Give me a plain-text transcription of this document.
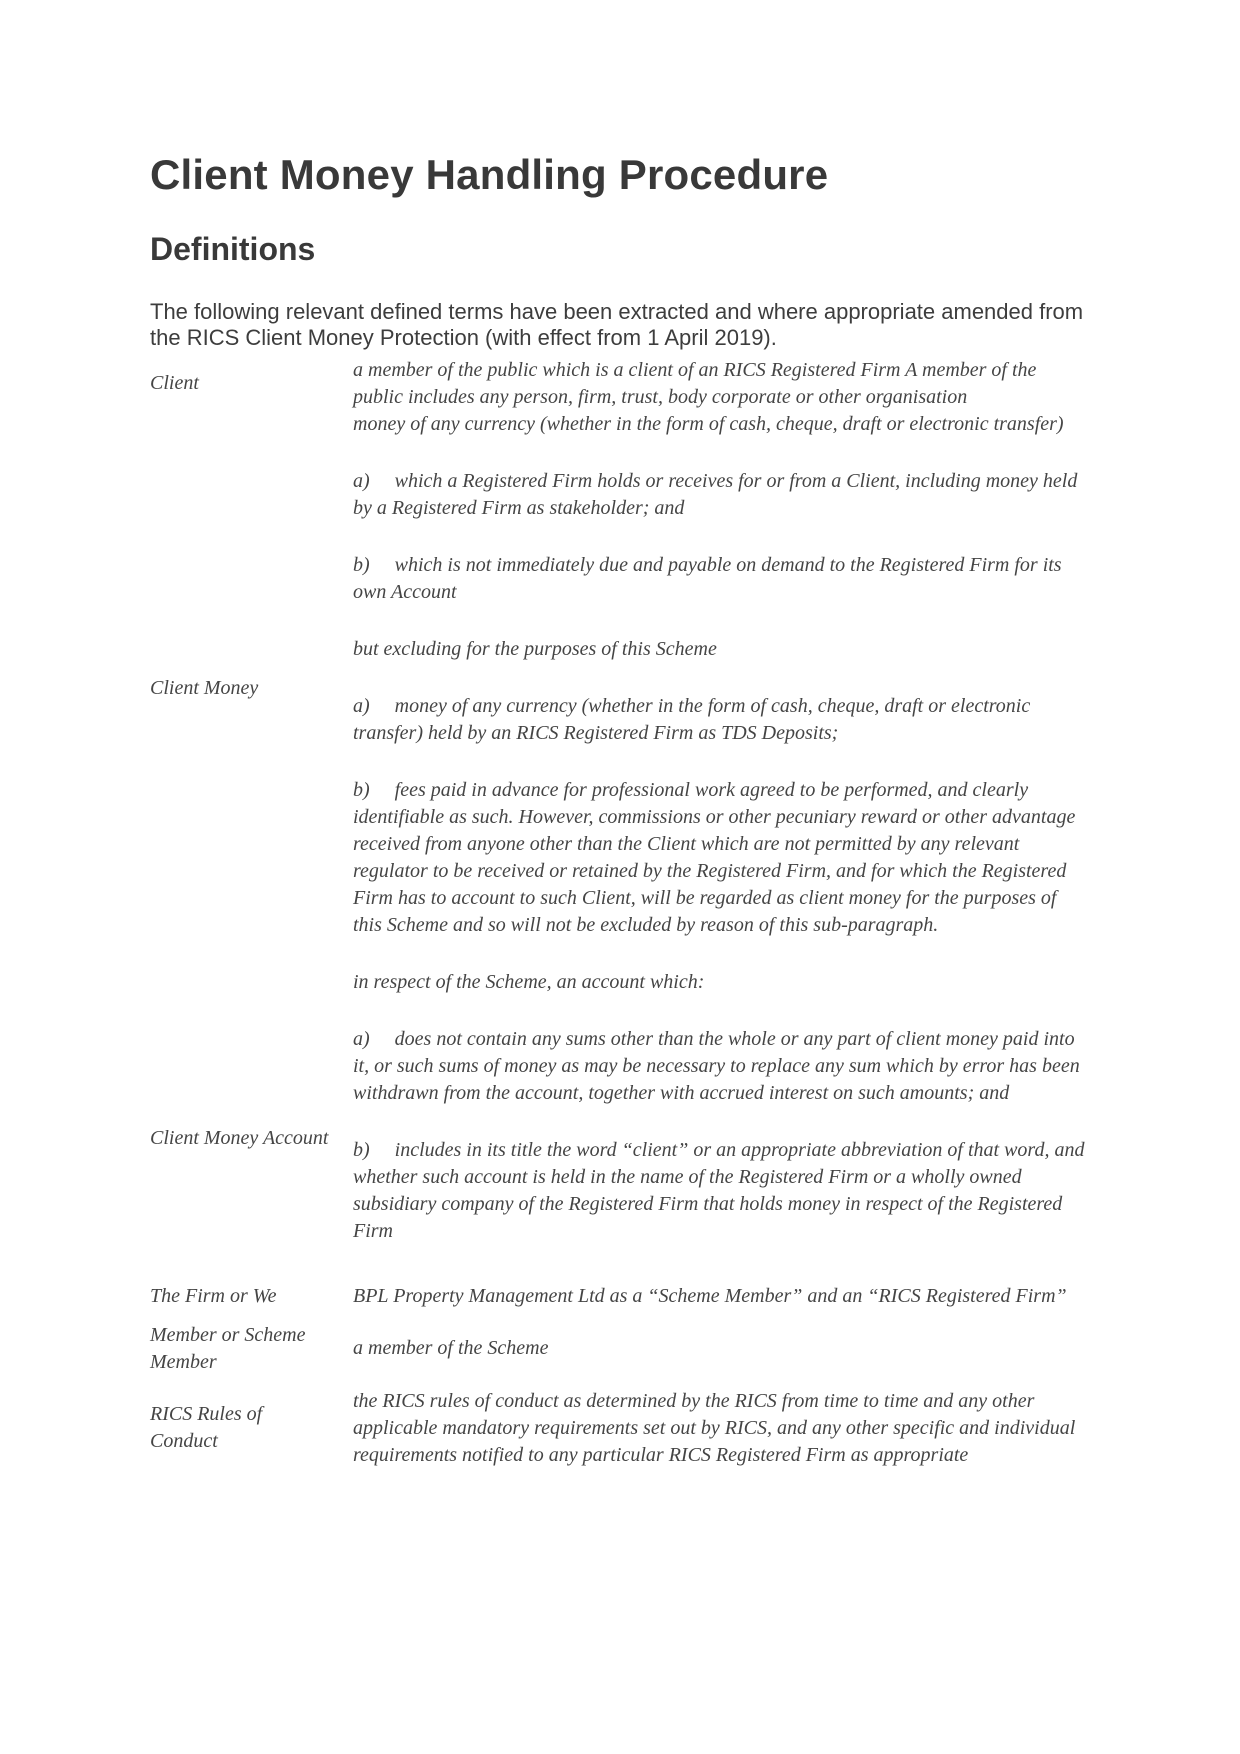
Client Money Handling Procedure
Definitions

The following relevant defined terms have been extracted and where appropriate amended from the RICS Client Money Protection (with effect from 1 April 2019).

Client

a member of the public which is a client of an RICS Registered Firm A member of the public includes any person, firm, trust, body corporate or other organisation

Client Money

money of any currency (whether in the form of cash, cheque, draft or electronic transfer)

a)     which a Registered Firm holds or receives for or from a Client, including money held by a Registered Firm as stakeholder; and

b)     which is not immediately due and payable on demand to the Registered Firm for its own Account

but excluding for the purposes of this Scheme

a)     money of any currency (whether in the form of cash, cheque, draft or electronic transfer) held by an RICS Registered Firm as TDS Deposits;

b)     fees paid in advance for professional work agreed to be performed, and clearly identifiable as such. However, commissions or other pecuniary reward or other advantage received from anyone other than the Client which are not permitted by any relevant regulator to be received or retained by the Registered Firm, and for which the Registered Firm has to account to such Client, will be regarded as client money for the purposes of this Scheme and so will not be excluded by reason of this sub-paragraph.

Client Money Account

in respect of the Scheme, an account which:

a)     does not contain any sums other than the whole or any part of client money paid into it, or such sums of money as may be necessary to replace any sum which by error has been withdrawn from the account, together with accrued interest on such amounts; and

b)     includes in its title the word “client” or an appropriate abbreviation of that word, and whether such account is held in the name of the Registered Firm or a wholly owned subsidiary company of the Registered Firm that holds money in respect of the Registered Firm

The Firm or We	BPL Property Management Ltd as a “Scheme Member” and an “RICS Registered Firm”

Member or Scheme Member

a member of the Scheme

RICS Rules of Conduct

the RICS rules of conduct as determined by the RICS from time to time and any other applicable mandatory requirements set out by RICS, and any other specific and individual requirements notified to any particular RICS Registered Firm as appropriate
